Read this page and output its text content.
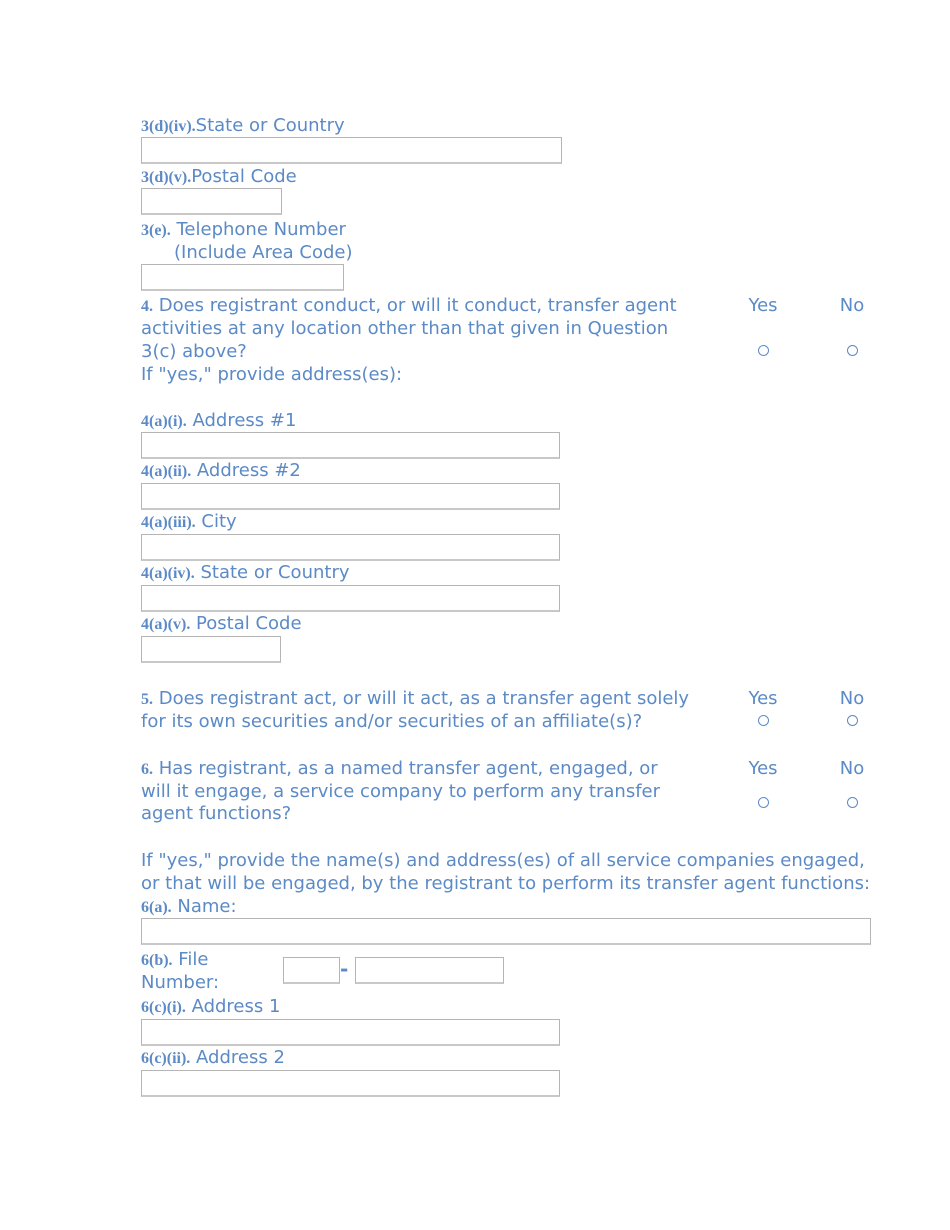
3(d)(iv).State or Country
3(d)(v).Postal Code
3(e). Telephone Number
(Include Area Code)
4. Does registrant conduct, or will it conduct, transfer agent
activities at any location other than that given in Question
3(c) above?
If "yes," provide address(es):
Yes	No
4(a)(i). Address #1
4(a)(ii). Address #2
4(a)(iii). City
4(a)(iv). State or Country
4(a)(v). Postal Code
5. Does registrant act, or will it act, as a transfer agent solely
for its own securities and/or securities of an affiliate(s)?
Yes	No
6. Has registrant, as a named transfer agent, engaged, or
will it engage, a service company to perform any transfer
agent functions?
Yes	No
If "yes," provide the name(s) and address(es) of all service companies engaged,
or that will be engaged, by the registrant to perform its transfer agent functions:
6(a). Name:
6(b). File
Number:
-
6(c)(i). Address 1
6(c)(ii). Address 2
